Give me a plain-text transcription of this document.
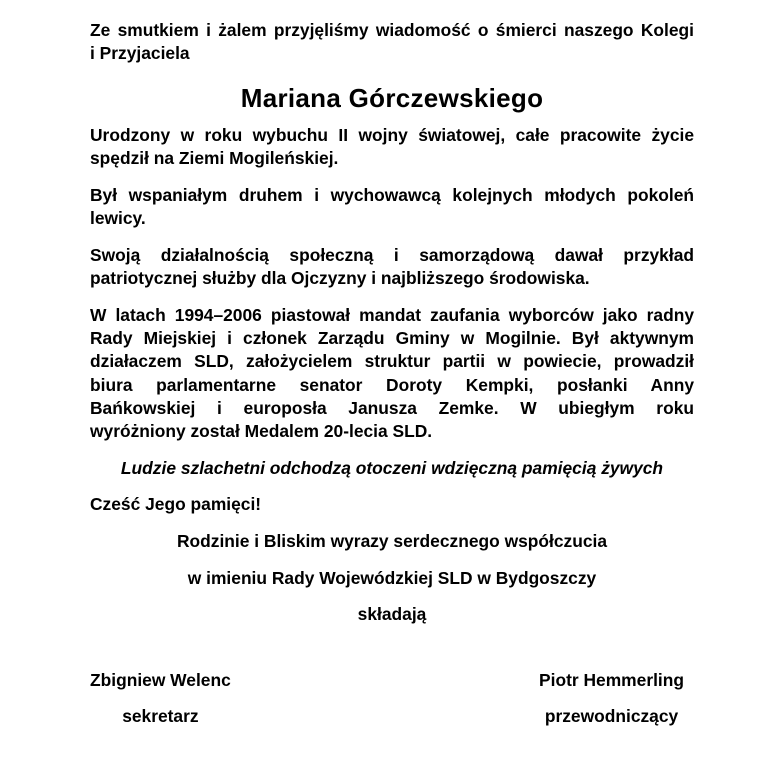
Ze smutkiem i żalem przyjęliśmy wiadomość o śmierci naszego Kolegi
i Przyjaciela
Mariana Górczewskiego
Urodzony w roku wybuchu II wojny światowej, całe pracowite życie
spędził na Ziemi Mogileńskiej.
Był wspaniałym druhem i wychowawcą kolejnych młodych pokoleń
lewicy.
Swoją działalnością społeczną i samorządową dawał przykład
patriotycznej służby dla Ojczyzny i najbliższego środowiska.
W latach 1994–2006 piastował mandat zaufania wyborców jako radny
Rady Miejskiej i członek Zarządu Gminy w Mogilnie. Był aktywnym
działaczem SLD, założycielem struktur partii w powiecie, prowadził
biura parlamentarne senator Doroty Kempki, posłanki Anny
Bańkowskiej i europosła Janusza Zemke. W ubiegłym roku
wyróżniony został Medalem 20-lecia SLD.
Ludzie szlachetni odchodzą otoczeni wdzięczną pamięcią żywych
Cześć Jego pamięci!
Rodzinie i Bliskim wyrazy serdecznego współczucia
w imieniu Rady Wojewódzkiej SLD w Bydgoszczy
składają
Zbigniew Welenc
sekretarz
Piotr Hemmerling
przewodniczący
